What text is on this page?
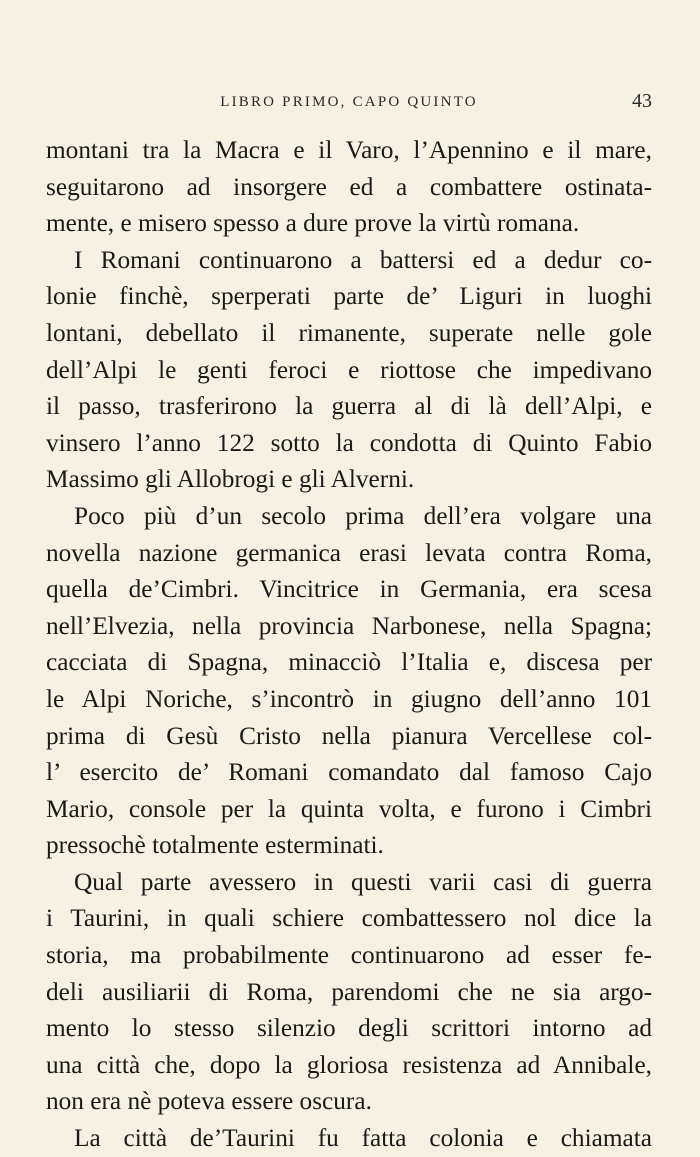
LIBRO PRIMO, CAPO QUINTO	43
montani tra la Macra e il Varo, l’Apennino e il mare,
seguitarono ad insorgere ed a combattere ostinata-
mente, e misero spesso a dure prove la virtù romana.
I Romani continuarono a battersi ed a dedur co-
lonie finchè, sperperati parte de’ Liguri in luoghi
lontani, debellato il rimanente, superate nelle gole
dell’Alpi le genti feroci e riottose che impedivano
il passo, trasferirono la guerra al di là dell’Alpi, e
vinsero l’anno 122 sotto la condotta di Quinto Fabio
Massimo gli Allobrogi e gli Alverni.
Poco più d’un secolo prima dell’era volgare una
novella nazione germanica erasi levata contra Roma,
quella de’Cimbri. Vincitrice in Germania, era scesa
nell’Elvezia, nella provincia Narbonese, nella Spagna;
cacciata di Spagna, minacciò l’Italia e, discesa per
le Alpi Noriche, s’incontrò in giugno dell’anno 101
prima di Gesù Cristo nella pianura Vercellese col-
l’ esercito de’ Romani comandato dal famoso Cajo
Mario, console per la quinta volta, e furono i Cimbri
pressochè totalmente esterminati.
Qual parte avessero in questi varii casi di guerra
i Taurini, in quali schiere combattessero nol dice la
storia, ma probabilmente continuarono ad esser fe-
deli ausiliarii di Roma, parendomi che ne sia argo-
mento lo stesso silenzio degli scrittori intorno ad
una città che, dopo la gloriosa resistenza ad Annibale,
non era nè poteva essere oscura.
La città de’Taurini fu fatta colonia e chiamata
